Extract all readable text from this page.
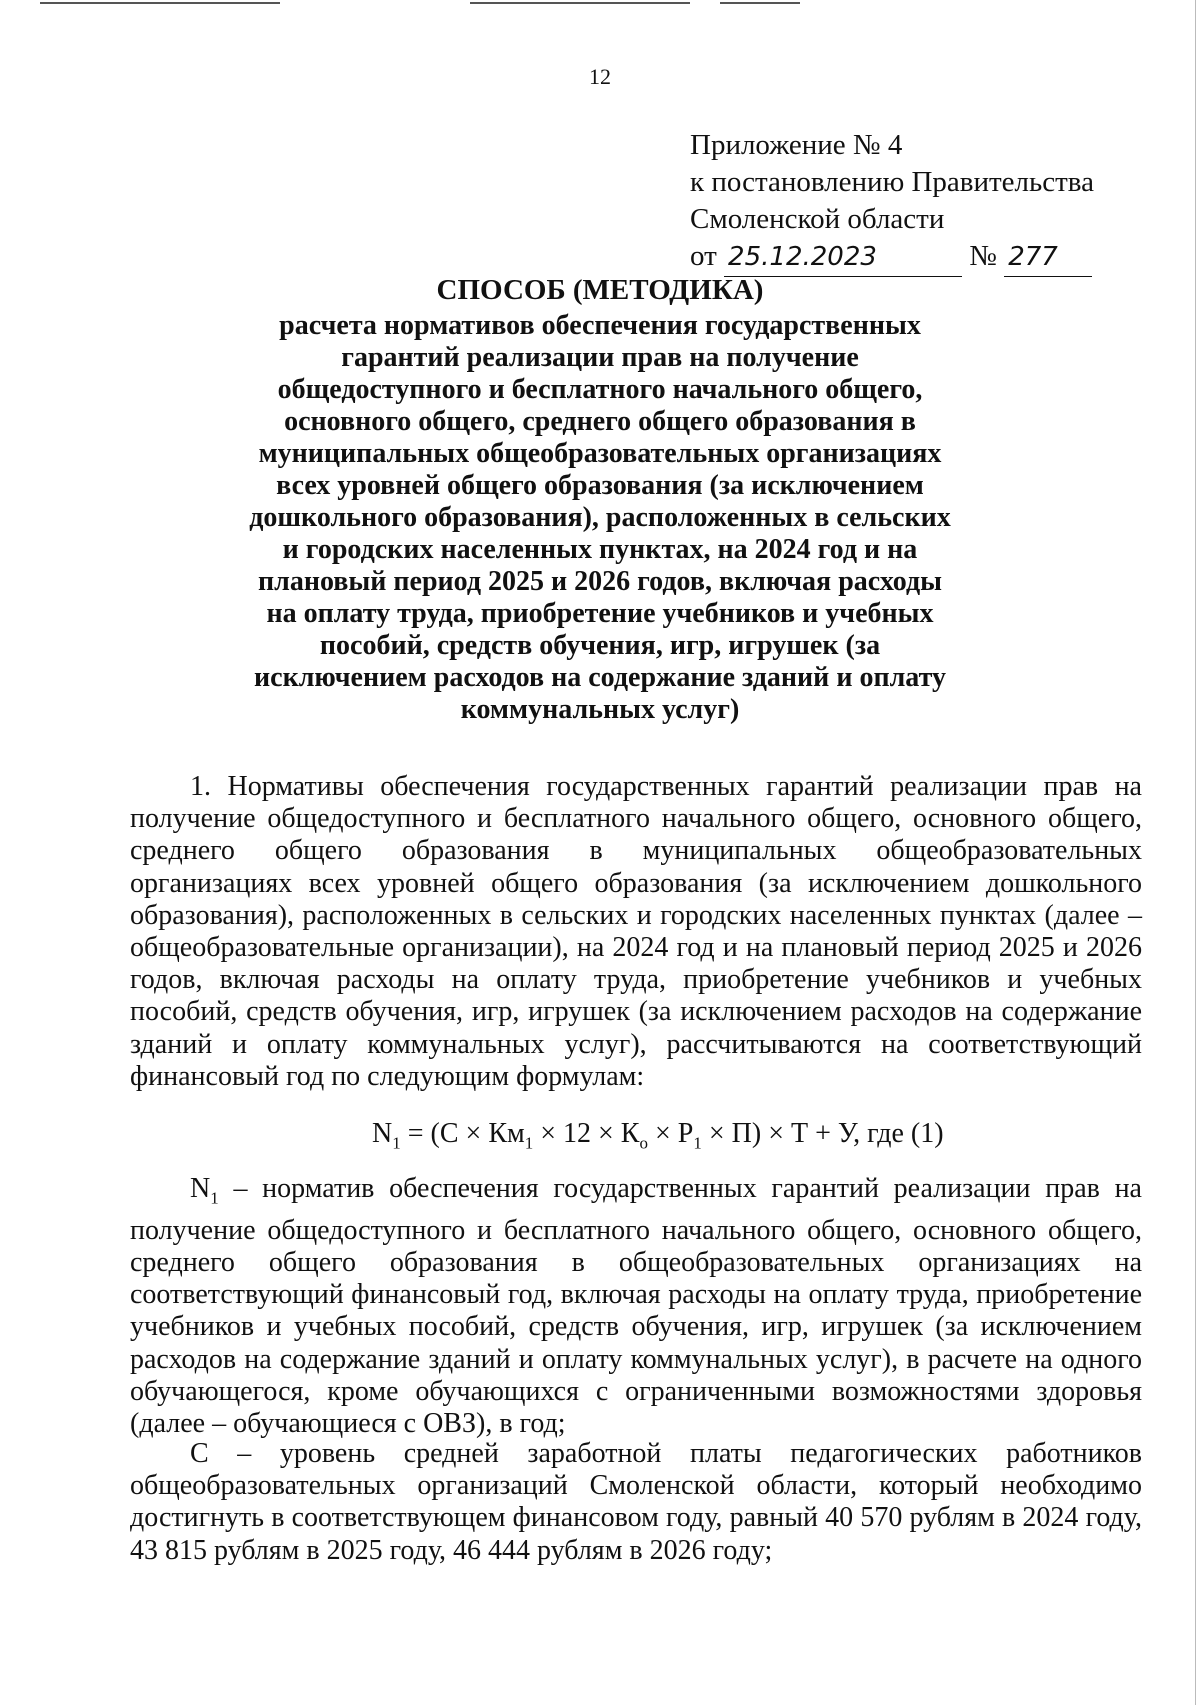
12
Приложение № 4
к постановлению Правительства
Смоленской области
от 25.12.2023	№ 277
СПОСОБ (МЕТОДИКА)
расчета нормативов обеспечения государственных гарантий реализации прав на получение общедоступного и бесплатного начального общего, основного общего, среднего общего образования в муниципальных общеобразовательных организациях всех уровней общего образования (за исключением дошкольного образования), расположенных в сельских и городских населенных пунктах, на 2024 год и на плановый период 2025 и 2026 годов, включая расходы на оплату труда, приобретение учебников и учебных пособий, средств обучения, игр, игрушек (за исключением расходов на содержание зданий и оплату коммунальных услуг)

1. Нормативы обеспечения государственных гарантий реализации прав на получение общедоступного и бесплатного начального общего, основного общего, среднего общего образования в муниципальных общеобразовательных организациях всех уровней общего образования (за исключением дошкольного образования), расположенных в сельских и городских населенных пунктах (далее – общеобразовательные организации), на 2024 год и на плановый период 2025 и 2026 годов, включая расходы на оплату труда, приобретение учебников и учебных пособий, средств обучения, игр, игрушек (за исключением расходов на содержание зданий и оплату коммунальных услуг), рассчитываются на соответствующий финансовый год по следующим формулам:

$N_1 = (С \times Км_1 \times 12 \times К_о \times Р_1 \times П) \times Т + У$, где (1)

$N_1$ – норматив обеспечения государственных гарантий реализации прав на получение общедоступного и бесплатного начального общего, основного общего, среднего общего образования в общеобразовательных организациях на соответствующий финансовый год, включая расходы на оплату труда, приобретение учебников и учебных пособий, средств обучения, игр, игрушек (за исключением расходов на содержание зданий и оплату коммунальных услуг), в расчете на одного обучающегося, кроме обучающихся с ограниченными возможностями здоровья (далее – обучающиеся с ОВЗ), в год;

С – уровень средней заработной платы педагогических работников общеобразовательных организаций Смоленской области, который необходимо достигнуть в соответствующем финансовом году, равный 40 570 рублям в 2024 году, 43 815 рублям в 2025 году, 46 444 рублям в 2026 году;
